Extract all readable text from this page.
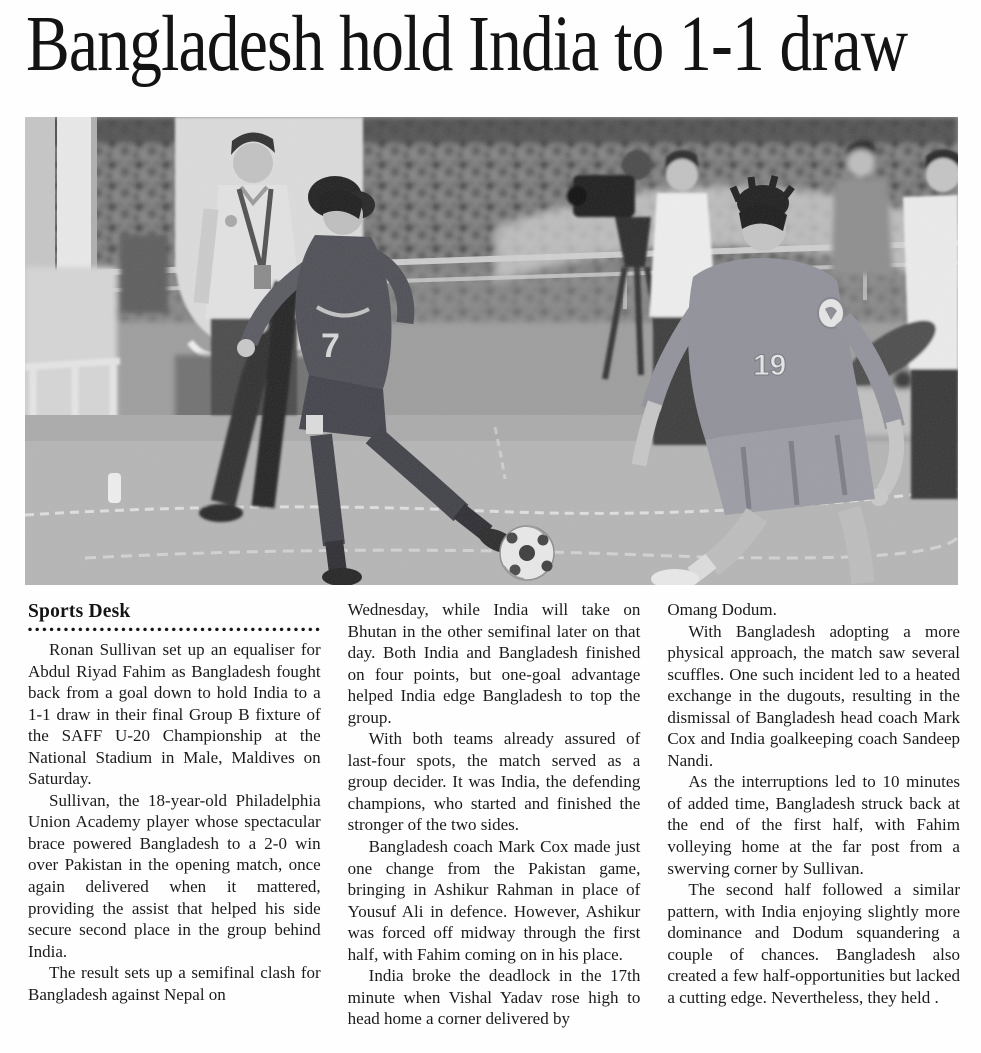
Bangladesh hold India to 1-1 draw
7
19
Sports Desk

Ronan Sullivan set up an equaliser for Abdul Riyad Fahim as Bangladesh fought back from a goal down to hold India to a 1-1 draw in their final Group B fixture of the SAFF U-20 Championship at the National Stadium in Male, Maldives on Saturday.

Sullivan, the 18-year-old Philadelphia Union Academy player whose spectacular brace powered Bangladesh to a 2-0 win over Pakistan in the opening match, once again delivered when it mattered, providing the assist that helped his side secure second place in the group behind India.

The result sets up a semifinal clash for Bangladesh against Nepal on

Wednesday, while India will take on Bhutan in the other semifinal later on that day. Both India and Bangladesh finished on four points, but one-goal advantage helped India edge Bangladesh to top the group.

With both teams already assured of last-four spots, the match served as a group decider. It was India, the defending champions, who started and finished the stronger of the two sides.

Bangladesh coach Mark Cox made just one change from the Pakistan game, bringing in Ashikur Rahman in place of Yousuf Ali in defence. However, Ashikur was forced off midway through the first half, with Fahim coming on in his place.

India broke the deadlock in the 17th minute when Vishal Yadav rose high to head home a corner delivered by

Omang Dodum.

With Bangladesh adopting a more physical approach, the match saw several scuffles. One such incident led to a heated exchange in the dugouts, resulting in the dismissal of Bangladesh head coach Mark Cox and India goalkeeping coach Sandeep Nandi.

As the interruptions led to 10 minutes of added time, Bangladesh struck back at the end of the first half, with Fahim volleying home at the far post from a swerving corner by Sullivan.

The second half followed a similar pattern, with India enjoying slightly more dominance and Dodum squandering a couple of chances. Bangladesh also created a few half-opportunities but lacked a cutting edge. Nevertheless, they held .
